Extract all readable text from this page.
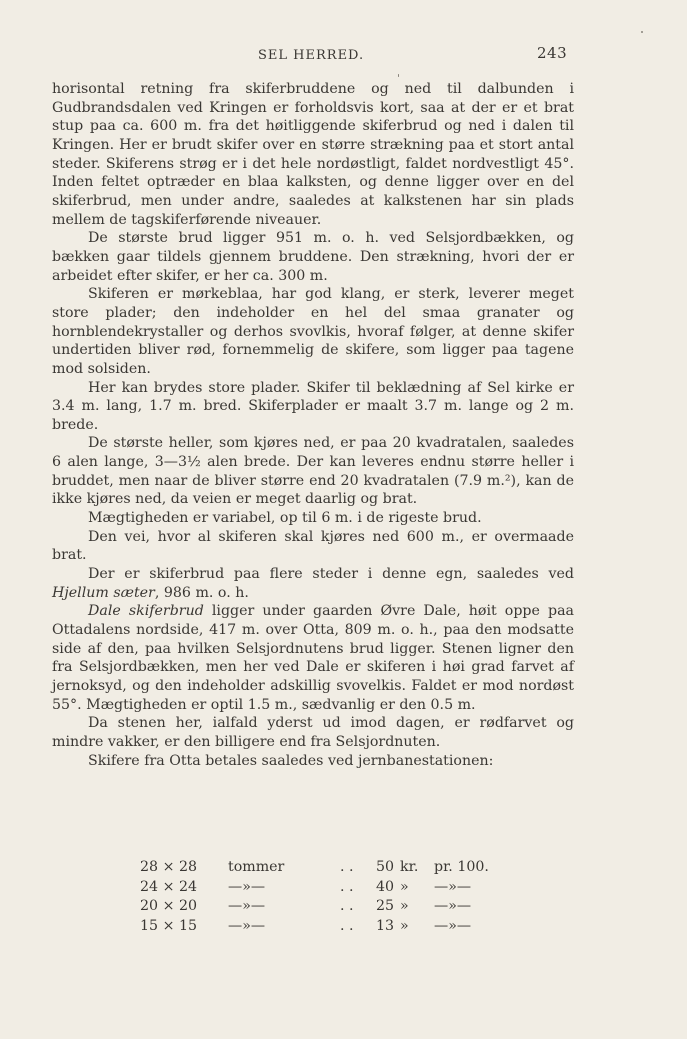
SEL HERRED.	243

horisontal retning fra skiferbruddene og ned til dalbunden i Gudbrandsdalen ved Kringen er forholdsvis kort, saa at der er et brat stup paa ca. 600 m. fra det høitliggende skiferbrud og ned i dalen til Kringen. Her er brudt skifer over en større strækning paa et stort antal steder. Skiferens strøg er i det hele nordøstligt, faldet nordvestligt 45°. Inden feltet optræder en blaa kalksten, og denne ligger over en del skiferbrud, men under andre, saaledes at kalkstenen har sin plads mellem de tagskiferførende niveauer.

De største brud ligger 951 m. o. h. ved Selsjordbækken, og bækken gaar tildels gjennem bruddene. Den strækning, hvori der er arbeidet efter skifer, er her ca. 300 m.

Skiferen er mørkeblaa, har god klang, er sterk, leverer meget store plader; den indeholder en hel del smaa granater og hornblendekrystaller og derhos svovlkis, hvoraf følger, at denne skifer undertiden bliver rød, fornemmelig de skifere, som ligger paa tagene mod solsiden.

Her kan brydes store plader. Skifer til beklædning af Sel kirke er 3.4 m. lang, 1.7 m. bred. Skiferplader er maalt 3.7 m. lange og 2 m. brede.

De største heller, som kjøres ned, er paa 20 kvadratalen, saaledes 6 alen lange, 3—3½ alen brede. Der kan leveres endnu større heller i bruddet, men naar de bliver større end 20 kvadratalen (7.9 m.²), kan de ikke kjøres ned, da veien er meget daarlig og brat.

Mægtigheden er variabel, op til 6 m. i de rigeste brud.

Den vei, hvor al skiferen skal kjøres ned 600 m., er overmaade brat.

Der er skiferbrud paa flere steder i denne egn, saaledes ved Hjellum sæter, 986 m. o. h.

Dale skiferbrud ligger under gaarden Øvre Dale, høit oppe paa Ottadalens nordside, 417 m. over Otta, 809 m. o. h., paa den modsatte side af den, paa hvilken Selsjordnutens brud ligger. Stenen ligner den fra Selsjordbækken, men her ved Dale er skiferen i høi grad farvet af jernoksyd, og den indeholder adskillig svovelkis. Faldet er mod nordøst 55°. Mægtigheden er optil 1.5 m., sædvanlig er den 0.5 m.

Da stenen her, ialfald yderst ud imod dagen, er rødfarvet og mindre vakker, er den billigere end fra Selsjordnuten.

Skifere fra Otta betales saaledes ved jernbanestationen:

28 × 28	tommer	. .	50	kr.	pr. 100.
24 × 24	—»—	. .	40	»	—»—
20 × 20	—»—	. .	25	»	—»—
15 × 15	—»—	. .	13	»	—»—
